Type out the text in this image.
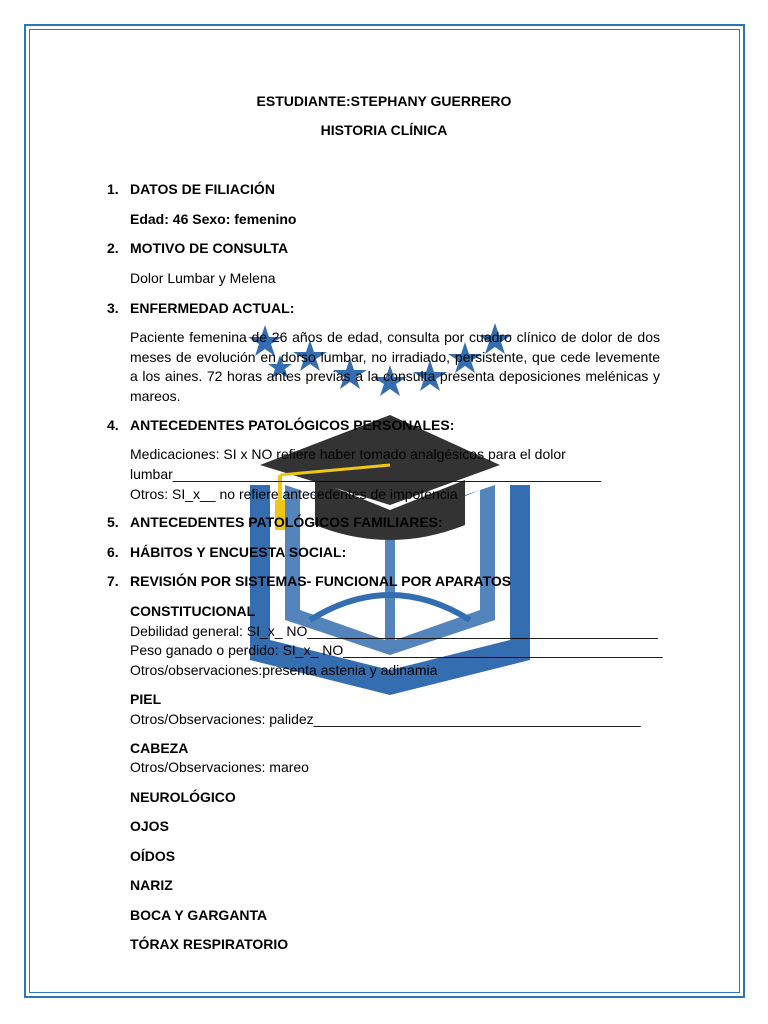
ESTUDIANTE:STEPHANY GUERRERO
HISTORIA CLÍNICA
1. DATOS DE FILIACIÓN
Edad: 46 Sexo: femenino
2. MOTIVO DE CONSULTA
Dolor Lumbar y Melena
3. ENFERMEDAD ACTUAL:
Paciente femenina de 26 años de edad, consulta por cuadro clínico de dolor de dos meses de evolución en dorso lumbar, no irradiado, persistente, que cede levemente a los aines. 72 horas antes previas a la consulta presenta deposiciones melénicas y mareos.
4. ANTECEDENTES PATOLÓGICOS PERSONALES:
Medicaciones: SI x NO refiere haber tomado analgésicos para el dolor
lumbar_______________________________________________________
Otros: SI_x__ no refiere antecedentes de impotencia
5. ANTECEDENTES PATOLÓGICOS FAMILIARES:
6. HÁBITOS Y ENCUESTA SOCIAL:
7. REVISIÓN POR SISTEMAS- FUNCIONAL POR APARATOS
CONSTITUCIONAL
Debilidad general: SI_x_ NO_____________________________________________
Peso ganado o perdido: SI_x_ NO_________________________________________
Otros/observaciones:presenta astenia y adinamia
PIEL
Otros/Observaciones: palidez__________________________________________
CABEZA
Otros/Observaciones: mareo
NEUROLÓGICO
OJOS
OÍDOS
NARIZ
BOCA Y GARGANTA
TÓRAX RESPIRATORIO
